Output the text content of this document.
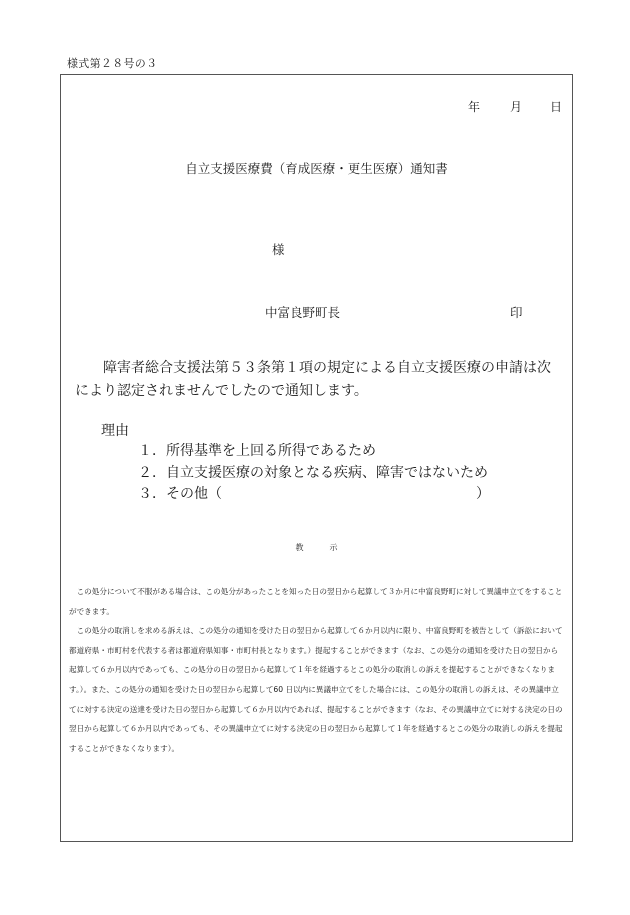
様式第２８号の３
年	月 日
自立支援医療費（育成医療・更生医療）通知書
様
中富良野町長	印
障害者総合支援法第５３条第１項の規定による自立支援医療の申請は次により認定されませんでしたので通知します。
理由
１．所得基準を上回る所得であるため
２．自立支援医療の対象となる疾病、障害ではないため
３．その他（	）
教示

この処分について不服がある場合は、この処分があったことを知った日の翌日から起算して３か月に中富良野町に対して異議申立てをすることができます。

この処分の取消しを求める訴えは、この処分の通知を受けた日の翌日から起算して６か月以内に限り、中富良野町を被告として（訴訟において都道府県・市町村を代表する者は都道府県知事・市町村長となります。）提起することができます（なお、この処分の通知を受けた日の翌日から起算して６か月以内であっても、この処分の日の翌日から起算して１年を経過するとこの処分の取消しの訴えを提起することができなくなります。）。また、この処分の通知を受けた日の翌日から起算して60 日以内に異議申立てをした場合には、この処分の取消しの訴えは、その異議申立てに対する決定の送達を受けた日の翌日から起算して６か月以内であれば、提起することができます（なお、その異議申立てに対する決定の日の翌日から起算して６か月以内であっても、その異議申立てに対する決定の日の翌日から起算して１年を経過するとこの処分の取消しの訴えを提起することができなくなります）。
